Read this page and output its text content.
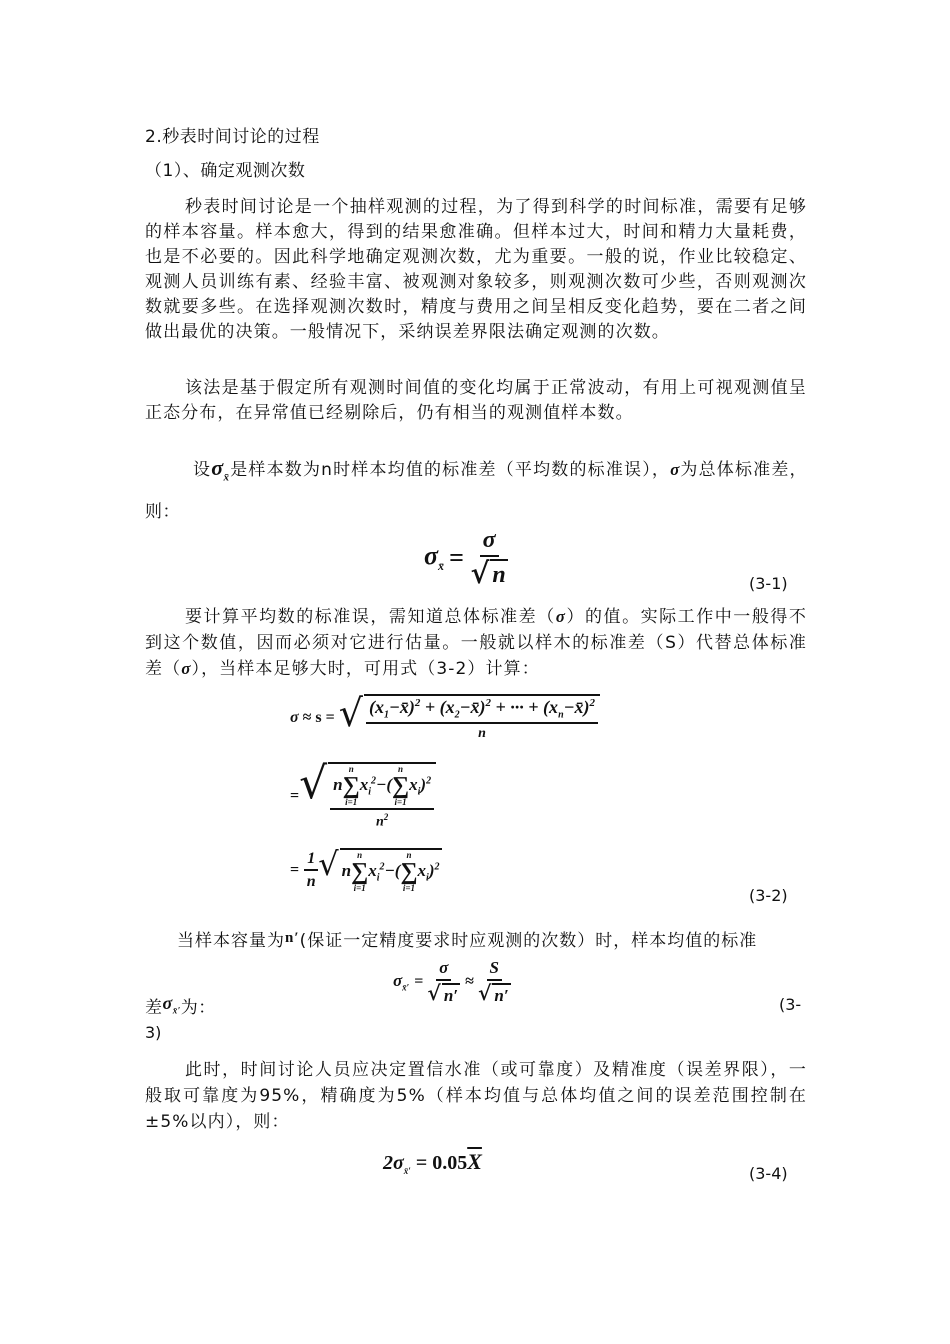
2.秒表时间讨论的过程
（1）、确定观测次数

秒表时间讨论是一个抽样观测的过程，为了得到科学的时间标准，需要有足够的样本容量。样本愈大，得到的结果愈准确。但样本过大，时间和精力大量耗费，也是不必要的。因此科学地确定观测次数，尤为重要。一般的说，作业比较稳定、观测人员训练有素、经验丰富、被观测对象较多，则观测次数可少些，否则观测次数就要多些。在选择观测次数时，精度与费用之间呈相反变化趋势，要在二者之间做出最优的决策。一般情况下，采纳误差界限法确定观测的次数。

该法是基于假定所有观测时间值的变化均属于正常波动，有用上可视观测值呈正态分布，在异常值已经剔除后，仍有相当的观测值样本数。

设$\sigma_{x̄}$是样本数为n时样本均值的标准差（平均数的标准误），σ为总体标准差，则：

$\sigma_{x̄} = \frac{\sigma}{√ n}$	(3-1)

要计算平均数的标准误，需知道总体标准差（σ）的值。实际工作中一般得不到这个数值，因而必须对它进行估量。一般就以样木的标准差（S）代替总体标准差（σ），当样本足够大时，可用式（3-2）计算：

σ ≈ s = √ $\frac{(x_1-x̄)^2 + (x_2-x̄)^2 + \cdot\cdot\cdot + (x_n-x̄)^2}{n}$
= √ n
n
∑
i=1
$x_i^2-$(
n
∑
i=1
$x_i)^2$
$n^2$
= $\frac{1}{n}$ √ n
n
∑
i=1
$x_i^2-$(
n
∑
i=1
$x_i)^2$
(3-2)
当样本容量为n′(保证一定精度要求时应观测的次数）时，样本均值的标准
$\sigma_{x̄'} = \frac{\sigma}{√ n'} \approx \frac{S}{√ n'}$
差$\sigma_{x̄'}$为：	(3-
3)

此时，时间讨论人员应决定置信水准（或可靠度）及精准度（误差界限），一般取可靠度为95%，精确度为5%（样本均值与总体均值之间的误差范围控制在±5%以内），则：

$2\sigma_{x̄'} = 0.05\overline{X}$	(3-4)
